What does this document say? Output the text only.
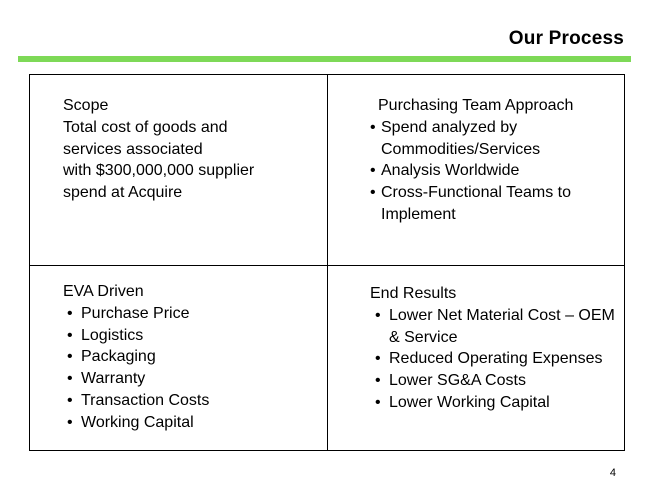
Our Process
Scope
Total cost of goods and
services associated
with $300,000,000 supplier
spend at Acquire
Purchasing Team Approach
• Spend analyzed by Commodities/Services
• Analysis Worldwide
• Cross-Functional Teams to Implement
EVA Driven
• Purchase Price
• Logistics
• Packaging
• Warranty
• Transaction Costs
• Working Capital
End Results
• Lower Net Material Cost – OEM & Service
• Reduced Operating Expenses
• Lower SG&A Costs
• Lower Working Capital
4
